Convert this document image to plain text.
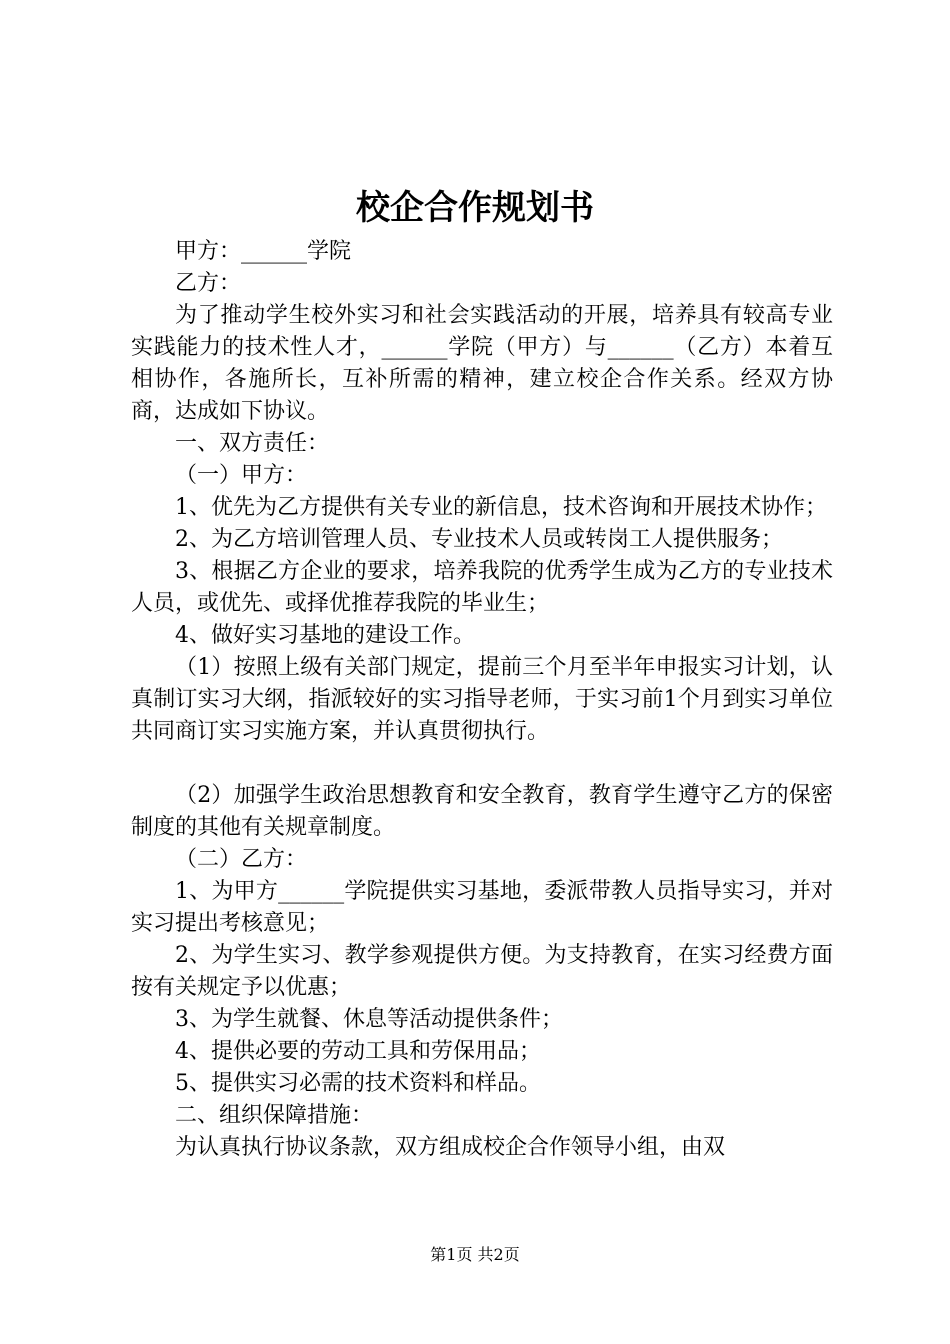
校企合作规划书

甲方：______学院

乙方：

为了推动学生校外实习和社会实践活动的开展，培养具有较高专业实践能力的技术性人才，______学院（甲方）与______（乙方）本着互相协作，各施所长，互补所需的精神，建立校企合作关系。经双方协商，达成如下协议。

一、双方责任：

（一）甲方：

1、优先为乙方提供有关专业的新信息，技术咨询和开展技术协作；

2、为乙方培训管理人员、专业技术人员或转岗工人提供服务；

3、根据乙方企业的要求，培养我院的优秀学生成为乙方的专业技术人员，或优先、或择优推荐我院的毕业生；

4、做好实习基地的建设工作。

（1）按照上级有关部门规定，提前三个月至半年申报实习计划，认真制订实习大纲，指派较好的实习指导老师，于实习前1个月到实习单位共同商订实习实施方案，并认真贯彻执行。

（2）加强学生政治思想教育和安全教育，教育学生遵守乙方的保密制度的其他有关规章制度。

（二）乙方：

1、为甲方______学院提供实习基地，委派带教人员指导实习，并对实习提出考核意见；

2、为学生实习、教学参观提供方便。为支持教育，在实习经费方面按有关规定予以优惠；

3、为学生就餐、休息等活动提供条件；

4、提供必要的劳动工具和劳保用品；

5、提供实习必需的技术资料和样品。

二、组织保障措施：

为认真执行协议条款，双方组成校企合作领导小组，由双

第1页 共2页
